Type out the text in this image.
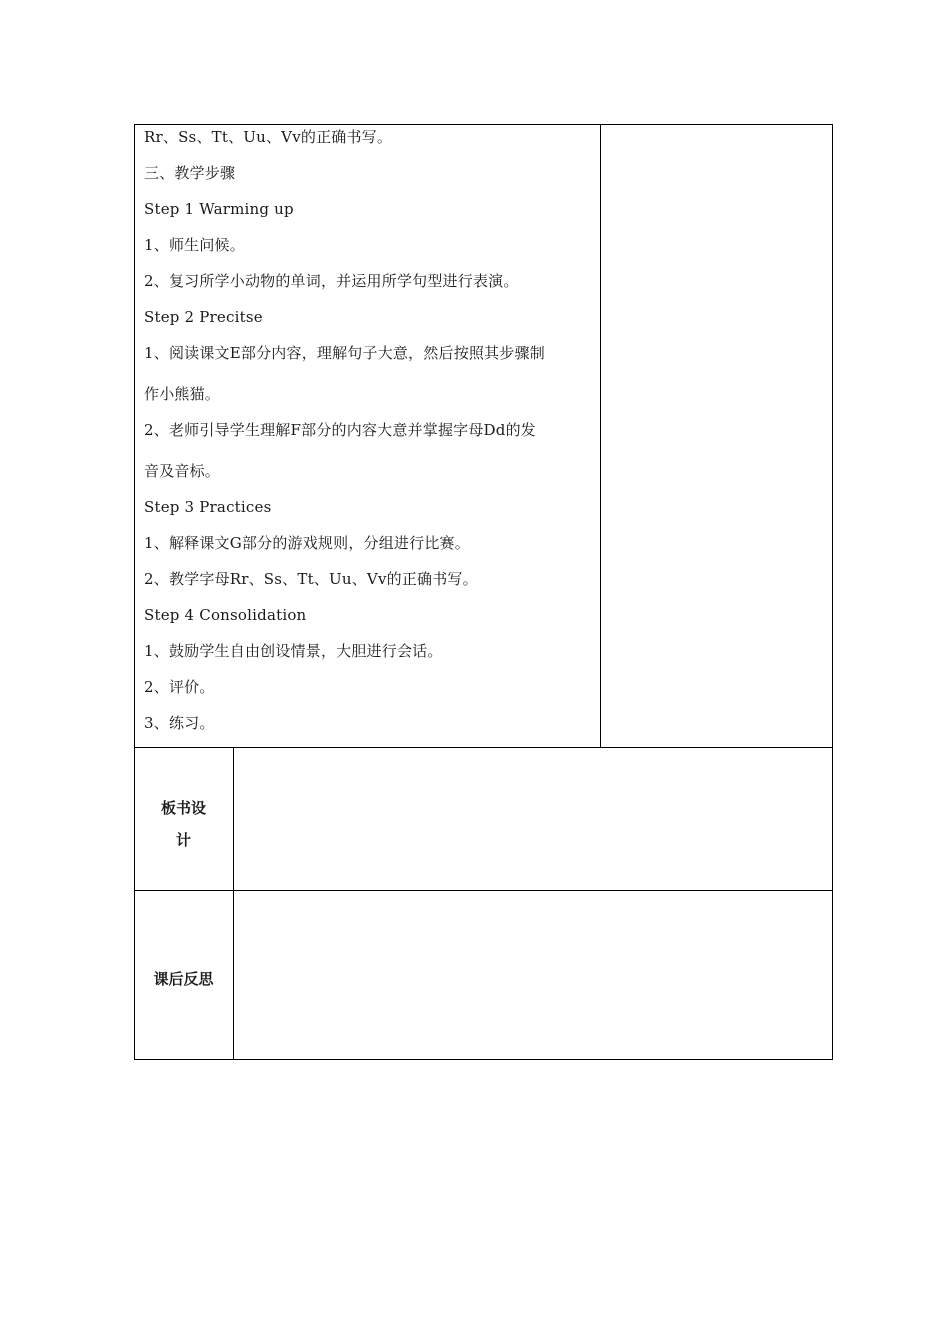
Rr、Ss、Tt、Uu、Vv的正确书写。
三、教学步骤
Step 1 Warming up
1、师生问候。
2、复习所学小动物的单词，并运用所学句型进行表演。
Step 2 Precitse
1、阅读课文E部分内容，理解句子大意，然后按照其步骤制
作小熊猫。
2、老师引导学生理解F部分的内容大意并掌握字母Dd的发
音及音标。
Step 3 Practices
1、解释课文G部分的游戏规则，分组进行比赛。
2、教学字母Rr、Ss、Tt、Uu、Vv的正确书写。
Step 4 Consolidation
1、鼓励学生自由创设情景，大胆进行会话。
2、评价。
3、练习。
板书设
计
课后反思
